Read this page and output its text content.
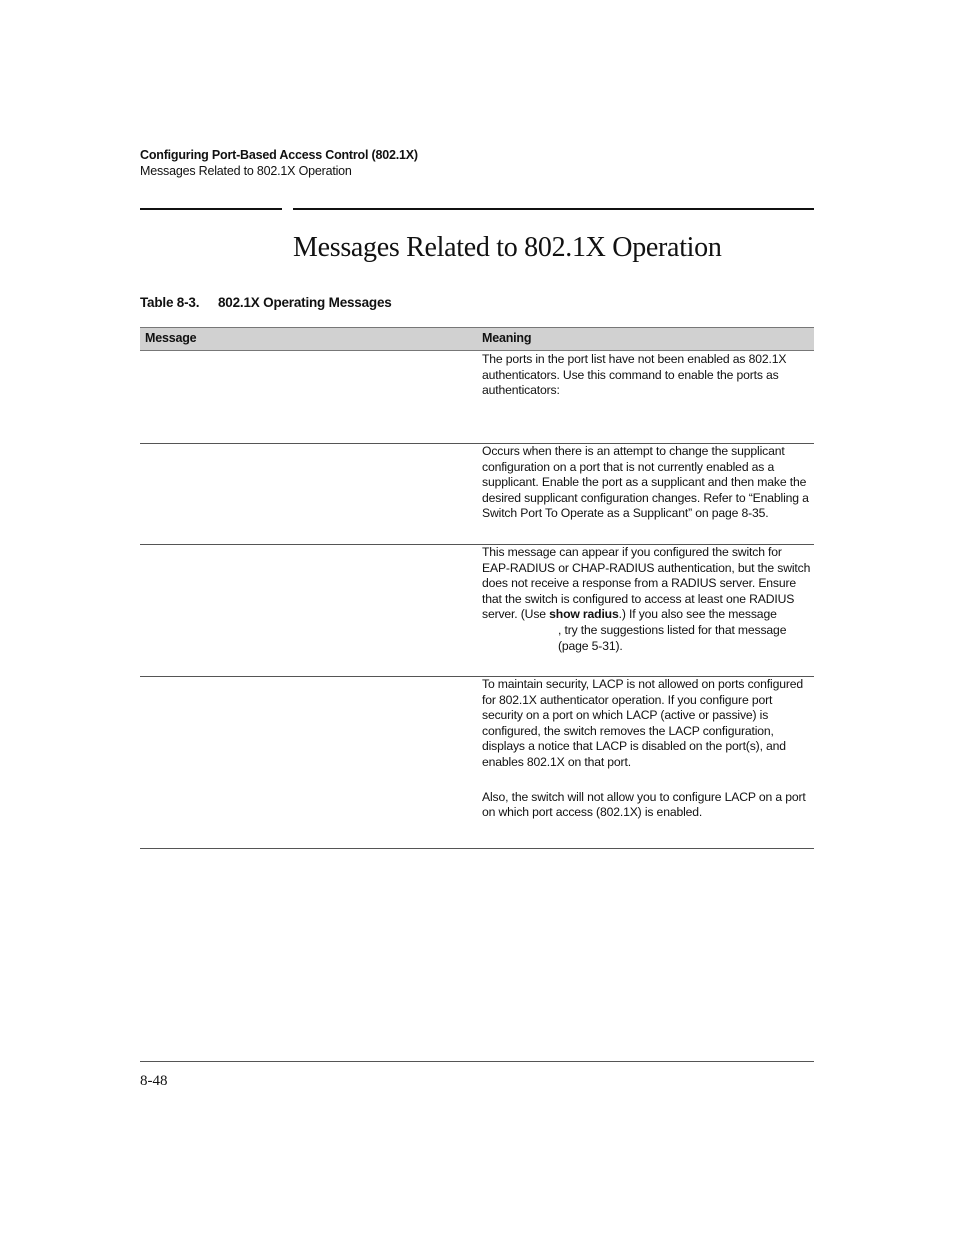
Configuring Port-Based Access Control (802.1X)
Messages Related to 802.1X Operation
Messages Related to 802.1X Operation
Table 8-3. 802.1X Operating Messages
Message	Meaning

The ports in the port list have not been enabled as 802.1X authenticators. Use this command to enable the ports as authenticators:

Occurs when there is an attempt to change the supplicant configuration on a port that is not currently enabled as a supplicant. Enable the port as a supplicant and then make the desired supplicant configuration changes. Refer to “Enabling a Switch Port To Operate as a Supplicant” on page 8-35.

This message can appear if you configured the switch for EAP-RADIUS or CHAP-RADIUS authentication, but the switch does not receive a response from a RADIUS server. Ensure that the switch is configured to access at least one RADIUS server. (Use show radius.) If you also see the message

, try the suggestions listed for that message (page 5-31).

To maintain security, LACP is not allowed on ports configured for 802.1X authenticator operation. If you configure port security on a port on which LACP (active or passive) is configured, the switch removes the LACP configuration, displays a notice that LACP is disabled on the port(s), and enables 802.1X on that port.

Also, the switch will not allow you to configure LACP on a port on which port access (802.1X) is enabled.

8-48
